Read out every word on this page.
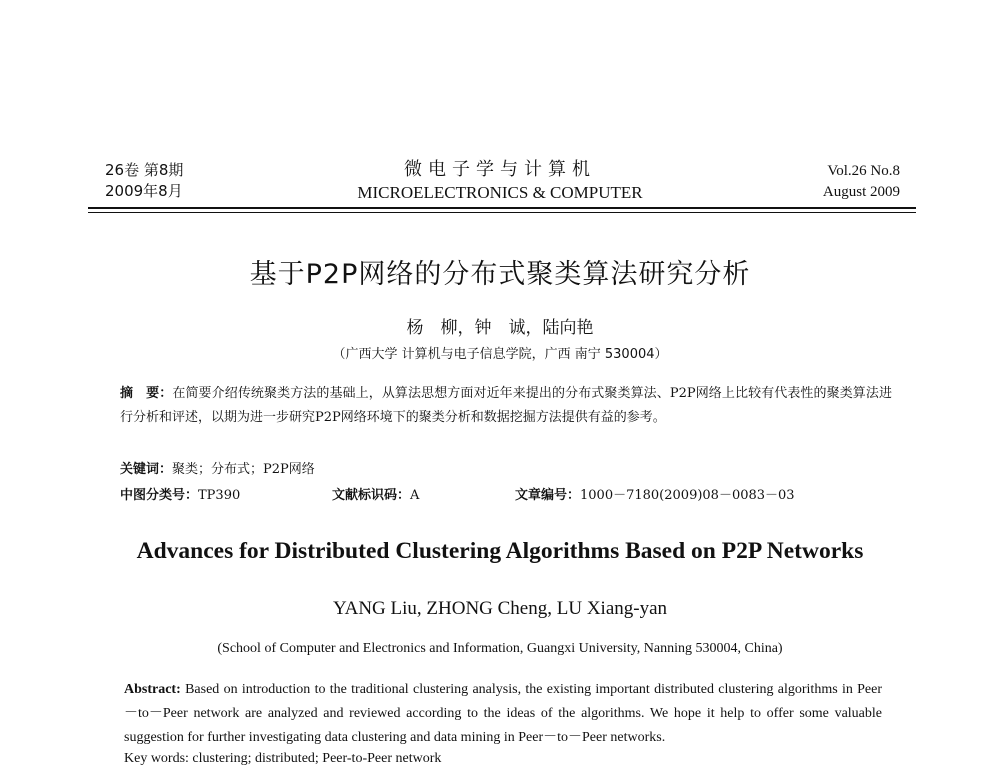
26卷 第8期
2009年8月
微电子学与计算机
MICROELECTRONICS & COMPUTER
Vol.26 No.8
August 2009
基于P2P网络的分布式聚类算法研究分析
杨　柳，钟　诚，陆向艳
（广西大学 计算机与电子信息学院，广西 南宁 530004）
摘　要：在简要介绍传统聚类方法的基础上，从算法思想方面对近年来提出的分布式聚类算法、P2P网络上比较有代表性的聚类算法进行分析和评述，以期为进一步研究P2P网络环境下的聚类分析和数据挖掘方法提供有益的参考。
关键词：聚类；分布式；P2P网络
中图分类号：TP390	文献标识码：A	文章编号：1000－7180(2009)08－0083－03
Advances for Distributed Clustering Algorithms Based on P2P Networks
YANG Liu, ZHONG Cheng, LU Xiang-yan
(School of Computer and Electronics and Information, Guangxi University, Nanning 530004, China)
Abstract: Based on introduction to the traditional clustering analysis, the existing important distributed clustering algorithms in Peer－to－Peer network are analyzed and reviewed according to the ideas of the algorithms. We hope it help to offer some valuable suggestion for further investigating data clustering and data mining in Peer－to－Peer networks.
Key words: clustering; distributed; Peer-to-Peer network
